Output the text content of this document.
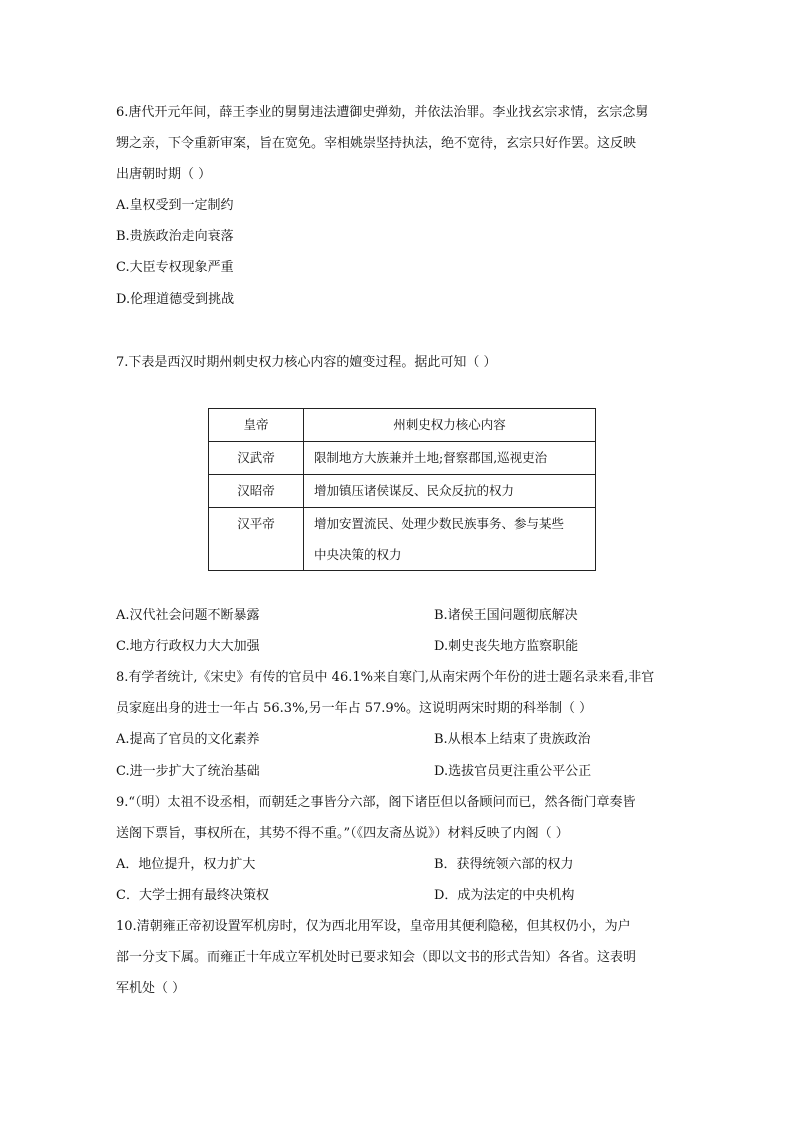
6.唐代开元年间，薛王李业的舅舅违法遭御史弹劾，并依法治罪。李业找玄宗求情，玄宗念舅
甥之亲，下令重新审案，旨在宽免。宰相姚崇坚持执法，绝不宽待，玄宗只好作罢。这反映
出唐朝时期（ ）
A.皇权受到一定制约
B.贵族政治走向衰落
C.大臣专权现象严重
D.伦理道德受到挑战
7.下表是西汉时期州刺史权力核心内容的嬗变过程。据此可知（ ）
皇帝	州刺史权力核心内容
汉武帝	限制地方大族兼并土地;督察郡国,巡视吏治
汉昭帝	增加镇压诸侯谋反、民众反抗的权力
汉平帝	增加安置流民、处理少数民族事务、参与某些
中央决策的权力
A.汉代社会问题不断暴露	B.诸侯王国问题彻底解决
C.地方行政权力大大加强	D.刺史丧失地方监察职能
8.有学者统计,《宋史》有传的官员中 46.1%来自寒门,从南宋两个年份的进士题名录来看,非官
员家庭出身的进士一年占 56.3%,另一年占 57.9%。这说明两宋时期的科举制（ ）
A.提高了官员的文化素养	B.从根本上结束了贵族政治
C.进一步扩大了统治基础	D.选拔官员更注重公平公正
9.“（明）太祖不设丞相，而朝廷之事皆分六部，阁下诸臣但以备顾问而已，然各衙门章奏皆
送阁下票旨，事权所在，其势不得不重。”（《四友斋丛说》）材料反映了内阁（ ）
A．地位提升，权力扩大	B．获得统领六部的权力
C．大学士拥有最终决策权	D．成为法定的中央机构
10.清朝雍正帝初设置军机房时，仅为西北用军设，皇帝用其便利隐秘，但其权仍小，为户
部一分支下属。而雍正十年成立军机处时已要求知会（即以文书的形式告知）各省。这表明
军机处（ ）
